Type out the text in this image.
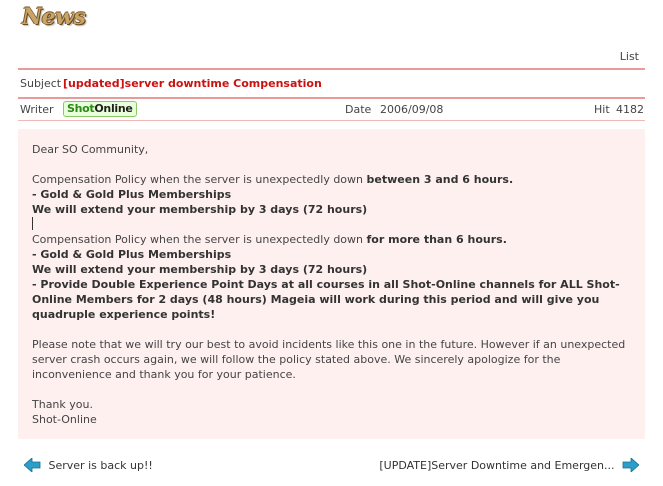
News
List
Subject [updated]server downtime Compensation
Writer	ShotOnline	Date 2006/09/08	Hit 4182

Dear SO Community,

Compensation Policy when the server is unexpectedly down between 3 and 6 hours.

- Gold & Gold Plus Memberships

We will extend your membership by 3 days (72 hours)

Compensation Policy when the server is unexpectedly down for more than 6 hours.

- Gold & Gold Plus Memberships

We will extend your membership by 3 days (72 hours)

- Provide Double Experience Point Days at all courses in all Shot-Online channels for ALL Shot-Online Members for 2 days (48 hours) Mageia will work during this period and will give you quadruple experience points!

Please note that we will try our best to avoid incidents like this one in the future. However if an unexpected server crash occurs again, we will follow the policy stated above. We sincerely apologize for the inconvenience and thank you for your patience.

Thank you.

Shot-Online

Server is back up!!	[UPDATE]Server Downtime and Emergen...
